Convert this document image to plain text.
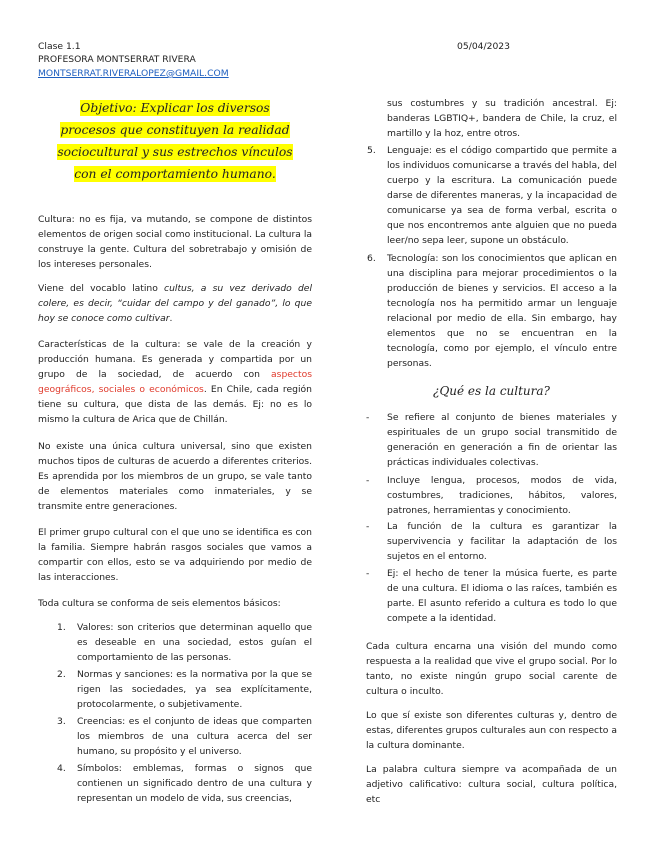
Clase 1.1
PROFESORA MONTSERRAT RIVERA
MONTSERRAT.RIVERALOPEZ@GMAIL.COM
05/04/2023
Objetivo: Explicar los diversos
procesos que constituyen la realidad
sociocultural y sus estrechos vínculos
con el comportamiento humano.

Cultura: no es fija, va mutando, se compone de distintos elementos de origen social como institucional. La cultura la construye la gente. Cultura del sobretrabajo y omisión de los intereses personales.

Viene del vocablo latino cultus, a su vez derivado del colere, es decir, “cuidar del campo y del ganado”, lo que hoy se conoce como cultivar.

Características de la cultura: se vale de la creación y producción humana. Es generada y compartida por un grupo de la sociedad, de acuerdo con aspectos geográficos, sociales o económicos. En Chile, cada región tiene su cultura, que dista de las demás. Ej: no es lo mismo la cultura de Arica que de Chillán.

No existe una única cultura universal, sino que existen muchos tipos de culturas de acuerdo a diferentes criterios. Es aprendida por los miembros de un grupo, se vale tanto de elementos materiales como inmateriales, y se transmite entre generaciones.

El primer grupo cultural con el que uno se identifica es con la familia. Siempre habrán rasgos sociales que vamos a compartir con ellos, esto se va adquiriendo por medio de las interacciones.

Toda cultura se conforma de seis elementos básicos:

1. Valores: son criterios que determinan aquello que es deseable en una sociedad, estos guían el comportamiento de las personas.

2. Normas y sanciones: es la normativa por la que se rigen las sociedades, ya sea explícitamente, protocolarmente, o subjetivamente.

3. Creencias: es el conjunto de ideas que comparten los miembros de una cultura acerca del ser humano, su propósito y el universo.

4. Símbolos: emblemas, formas o signos que contienen un significado dentro de una cultura y representan un modelo de vida, sus creencias,

sus costumbres y su tradición ancestral. Ej: banderas LGBTIQ+, bandera de Chile, la cruz, el martillo y la hoz, entre otros.

5. Lenguaje: es el código compartido que permite a los individuos comunicarse a través del habla, del cuerpo y la escritura. La comunicación puede darse de diferentes maneras, y la incapacidad de comunicarse ya sea de forma verbal, escrita o que nos encontremos ante alguien que no pueda leer/no sepa leer, supone un obstáculo.

6. Tecnología: son los conocimientos que aplican en una disciplina para mejorar procedimientos o la producción de bienes y servicios. El acceso a la tecnología nos ha permitido armar un lenguaje relacional por medio de ella. Sin embargo, hay elementos que no se encuentran en la tecnología, como por ejemplo, el vínculo entre personas.

¿Qué es la cultura?
- Se refiere al conjunto de bienes materiales y espirituales de un grupo social transmitido de generación en generación a fin de orientar las prácticas individuales colectivas.

- Incluye lengua, procesos, modos de vida, costumbres, tradiciones, hábitos, valores, patrones, herramientas y conocimiento.

- La función de la cultura es garantizar la supervivencia y facilitar la adaptación de los sujetos en el entorno.

- Ej: el hecho de tener la música fuerte, es parte de una cultura. El idioma o las raíces, también es parte. El asunto referido a cultura es todo lo que compete a la identidad.

Cada cultura encarna una visión del mundo como respuesta a la realidad que vive el grupo social. Por lo tanto, no existe ningún grupo social carente de cultura o inculto.

Lo que sí existe son diferentes culturas y, dentro de estas, diferentes grupos culturales aun con respecto a la cultura dominante.

La palabra cultura siempre va acompañada de un adjetivo calificativo: cultura social, cultura política, etc
